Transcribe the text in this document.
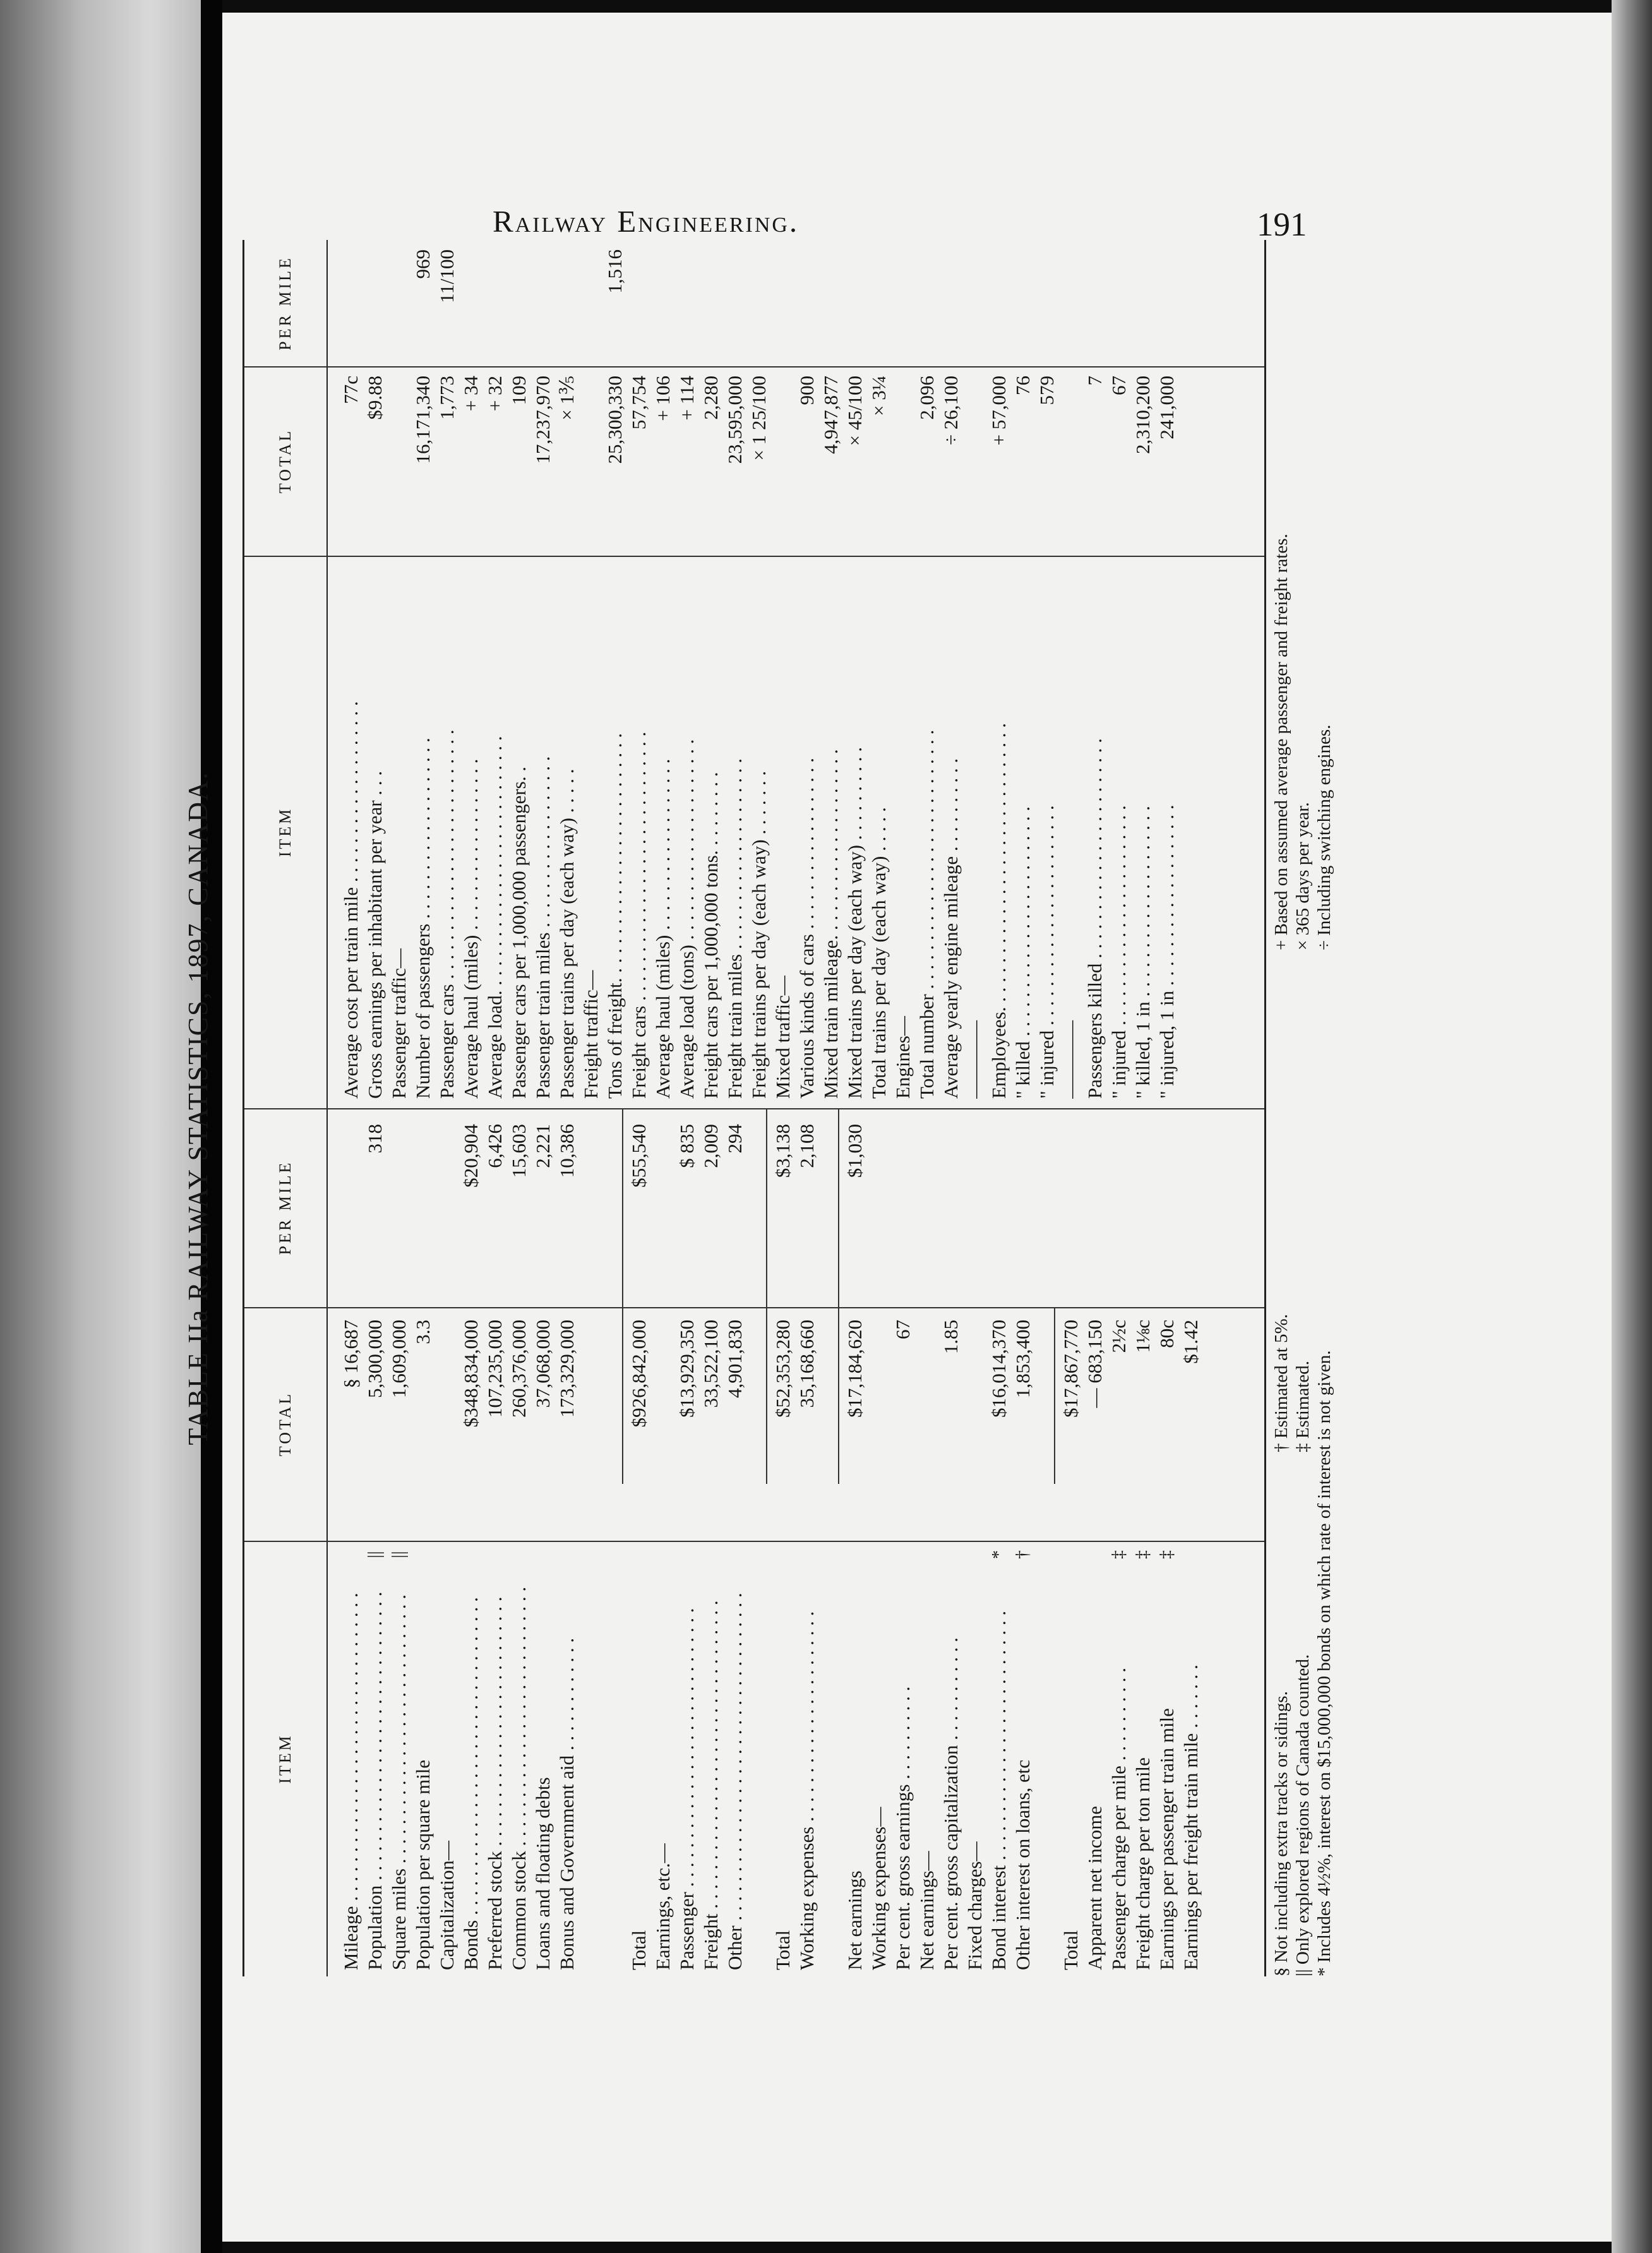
Railway Engineering.	191
TABLE IIa RAILWAY STATISTICS, 1897, CANADA.
ITEM
TOTAL
PER MILE
ITEM
TOTAL
PER MILE
Mileage . . . . . . . . . . . . . . . . . . . . . . . . . . . . . . . .
§ 16,687
Population . . . . . . . . . . . . . . . . . . . . . . . . . . . . . .
||
5,300,000
318
Square miles . . . . . . . . . . . . . . . . . . . . . . . . . . . .
||
1,609,000
Population per square mile
3.3
Capitalization— Bonds . . . . . . . . . . . . . . . . . . . . . . . . . . . . . . . . .
$348,834,000
$20,904
Preferred stock . . . . . . . . . . . . . . . . . . . . . . . . . .
107,235,000
6,426
Common stock . . . . . . . . . . . . . . . . . . . . . . . . . . .
260,376,000
15,603
Loans and floating debts
37,068,000
2,221
Bonus and Government aid . . . . . . . . . . . .
173,329,000
10,386
Total
$926,842,000
$55,540
Earnings, etc.— Passenger . . . . . . . . . . . . . . . . . . . . . . . . . . . . .
$13,929,350
$ 835
Freight . . . . . . . . . . . . . . . . . . . . . . . . . . . . . . . .
33,522,100
2,009
Other . . . . . . . . . . . . . . . . . . . . . . . . . . . . . . . . . .
4,901,830
294
Total
$52,353,280
$3,138
Working expenses . . . . . . . . . . . . . . . . . . . . . .
35,168,660
2,108
Net earnings
$17,184,620
$1,030
Working expenses— Per cent. gross earnings . . . . . . . . . .
67
Net earnings— Per cent. gross capitalization . . . . . . . . . . .
1.85
Fixed charges— Bond interest . . . . . . . . . . . . . . . . . . . . . . . . . .
*
$16,014,370
Other interest on loans, etc
†
1,853,400
Total
$17,867,770
Apparent net income
— 683,150
Passenger charge per mile . . . . . . . . . .
‡
2½c
Freight charge per ton mile
‡
1⅛c
Earnings per passenger train mile
‡
80c
Earnings per freight train mile . . . . . . .
$1.42
Average cost per train mile . . . . . . . . . . . . . . . . . . .
77c
Gross earnings per inhabitant per year . . .
$9.88
Passenger traffic— Number of passengers . . . . . . . . . . . . . . . . . . .
16,171,340
969
Passenger cars . . . . . . . . . . . . . . . . . . . . . . . . . .
1,773
11/100
Average haul (miles) . . . . . . . . . . . . . . . . . .
+ 34
Average load. . . . . . . . . . . . . . . . . . . . . . . . . . .
+ 32
Passenger cars per 1,000,000 passengers. .
109
Passenger train miles . . . . . . . . . . . . . . . . . .
17,237,970
Passenger trains per day (each way) . . . . .
× 1⅗
Freight traffic— Tons of freight. . . . . . . . . . . . . . . . . . . . . . . . . .
25,300,330
1,516
Freight cars . . . . . . . . . . . . . . . . . . . . . . . . . . . .
57,754
Average haul (miles) . . . . . . . . . . . . . . . . . .
+ 106
Average load (tons) . . . . . . . . . . . . . . . . . . . . .
+ 114
Freight cars per 1,000,000 tons. . . . . . . . .
2,280
Freight train miles . . . . . . . . . . . . . . . . . . . .
23,595,000
Freight trains per day (each way) . . . . . . .
× 1 25/100
Mixed traffic— Various kinds of cars . . . . . . . . . . . . . . . . . .
900
Mixed train mileage. . . . . . . . . . . . . . . . . . . .
4,947,877
Mixed trains per day (each way) . . . . . . . . . .
× 45/100
Total trains per day (each way) . . . . .
× 3¼
Engines— Total number . . . . . . . . . . . . . . . . . . . . . . . . . . .
2,096
Average yearly engine mileage . . . . . . . . . .
÷ 26,100
———— Employees. . . . . . . . . . . . . . . . . . . . . . . . . . . . . .
+ 57,000
" killed . . . . . . . . . . . . . . . . . . . . . . . .
76
" injured . . . . . . . . . . . . . . . . . . . . . . .
579
———— Passengers killed . . . . . . . . . . . . . . . . . . . . . . .
7
" injured . . . . . . . . . . . . . . . . . . . . . . .
67
" killed, 1 in . . . . . . . . . . . . . . . . . . . .
2,310,200
" injured, 1 in . . . . . . . . . . . . . . . . . . .
241,000
§ Not including extra tracks or sidings. || Only explored regions of Canada counted. * Includes 4½%, interest on $15,000,000 bonds on which rate of interest is not given.
† Estimated at 5%. ‡ Estimated.
+ Based on assumed average passenger and freight rates. × 365 days per year. ÷ Including switching engines.
